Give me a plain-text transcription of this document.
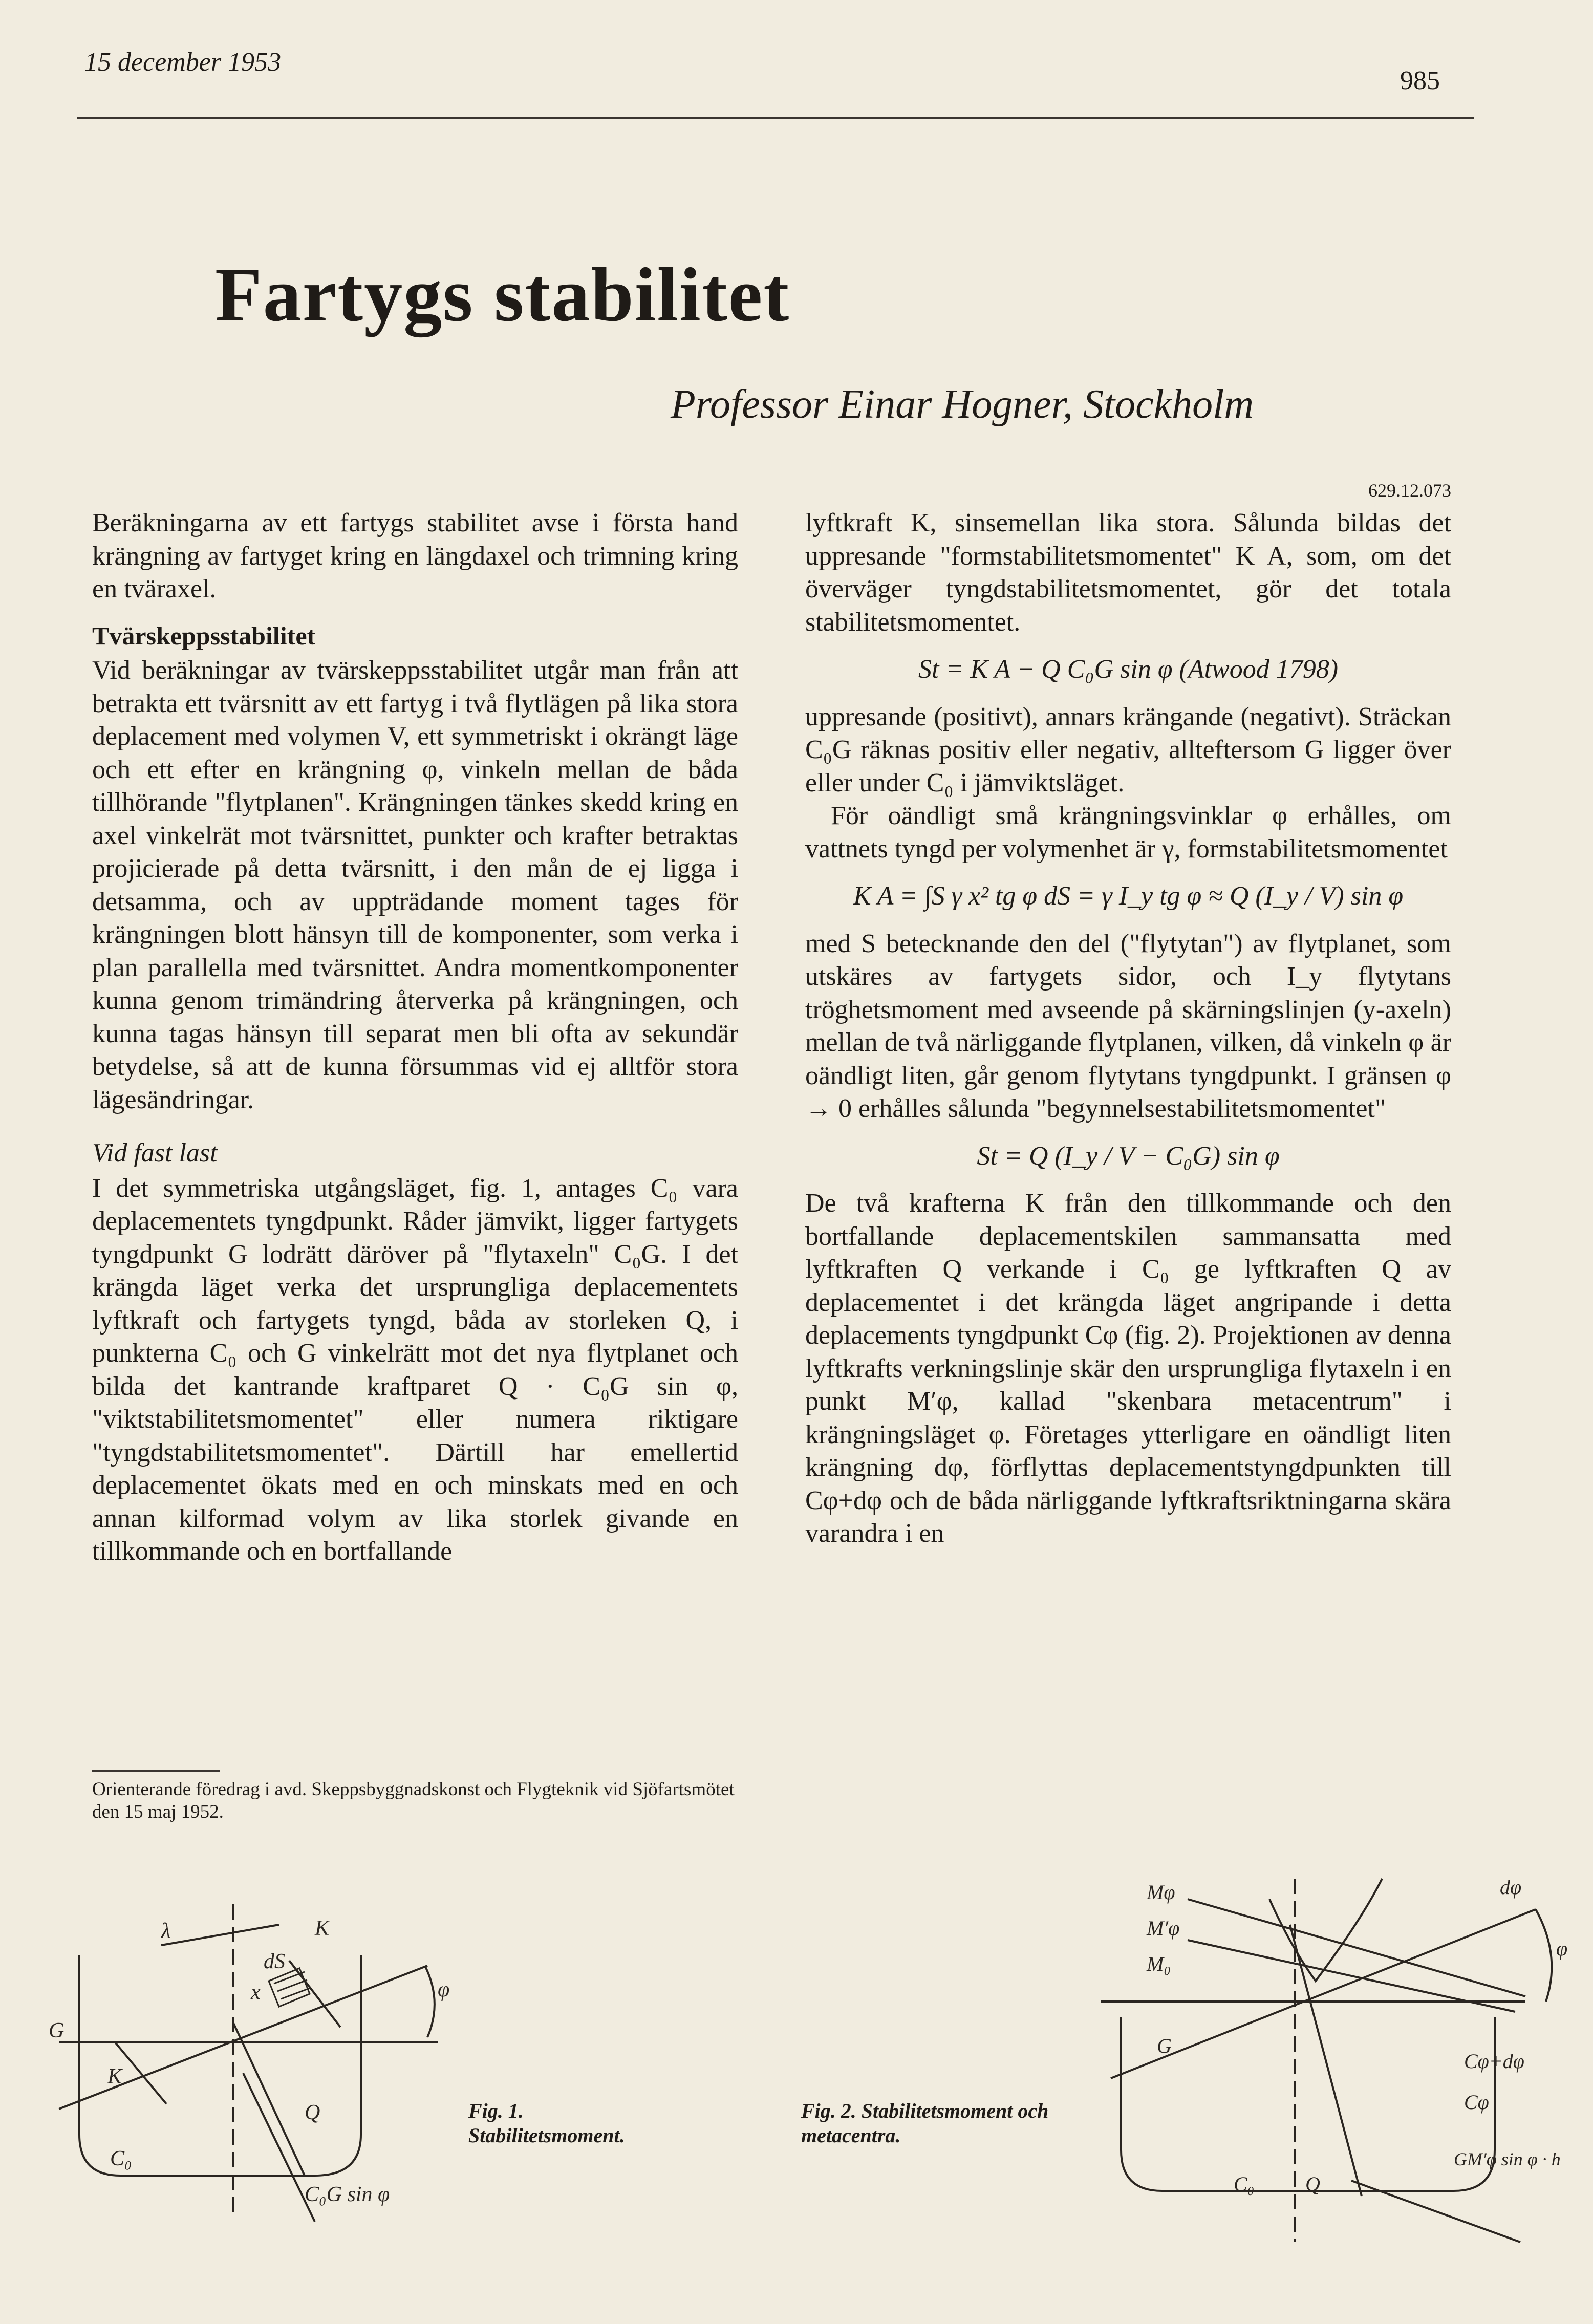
15 december 1953
985
Fartygs stabilitet
Professor Einar Hogner, Stockholm

Beräkningarna av ett fartygs stabilitet avse i första hand krängning av fartyget kring en längdaxel och trimning kring en tväraxel.

Tvärskeppsstabilitet

Vid beräkningar av tvärskeppsstabilitet utgår man från att betrakta ett tvärsnitt av ett fartyg i två flytlägen på lika stora deplacement med volymen V, ett symmetriskt i okrängt läge och ett efter en krängning φ, vinkeln mellan de båda tillhörande "flytplanen". Krängningen tänkes skedd kring en axel vinkelrät mot tvärsnittet, punkter och krafter betraktas projicierade på detta tvärsnitt, i den mån de ej ligga i detsamma, och av uppträdande moment tages för krängningen blott hänsyn till de komponenter, som verka i plan parallella med tvärsnittet. Andra momentkomponenter kunna genom trimändring återverka på krängningen, och kunna tagas hänsyn till separat men bli ofta av sekundär betydelse, så att de kunna försummas vid ej alltför stora lägesändringar.

Vid fast last

I det symmetriska utgångsläget, fig. 1, antages C₀ vara deplacementets tyngdpunkt. Råder jämvikt, ligger fartygets tyngdpunkt G lodrätt däröver på "flytaxeln" C₀G. I det krängda läget verka det ursprungliga deplacementets lyftkraft och fartygets tyngd, båda av storleken Q, i punkterna C₀ och G vinkelrätt mot det nya flytplanet och bilda det kantrande kraftparet Q · C₀G sin φ, "viktstabilitetsmomentet" eller numera riktigare "tyngdstabilitetsmomentet". Därtill har emellertid deplacementet ökats med en och minskats med en och annan kilformad volym av lika storlek givande en tillkommande och en bortfallande

Orienterande föredrag i avd. Skeppsbyggnadskonst och Flygteknik vid Sjöfartsmötet den 15 maj 1952.

629.12.073

lyftkraft K, sinsemellan lika stora. Sålunda bildas det uppresande "formstabilitetsmomentet" K A, som, om det överväger tyngdstabilitetsmomentet, gör det totala stabilitetsmomentet.

St = K A − Q C₀G sin φ (Atwood 1798)

uppresande (positivt), annars krängande (negativt). Sträckan C₀G räknas positiv eller negativ, allteftersom G ligger över eller under C₀ i jämviktsläget.

För oändligt små krängningsvinklar φ erhålles, om vattnets tyngd per volymenhet är γ, formstabilitetsmomentet

K A = ∫S γ x² tg φ dS = γ I_y tg φ ≈ Q (I_y / V) sin φ

med S betecknande den del ("flytytan") av flytplanet, som utskäres av fartygets sidor, och I_y flytytans tröghetsmoment med avseende på skärningslinjen (y-axeln) mellan de två närliggande flytplanen, vilken, då vinkeln φ är oändligt liten, går genom flytytans tyngdpunkt. I gränsen φ → 0 erhålles sålunda "begynnelsestabilitetsmomentet"

St = Q (I_y / V − C₀G) sin φ

De två krafterna K från den tillkommande och den bortfallande deplacementskilen sammansatta med lyftkraften Q verkande i C₀ ge lyftkraften Q av deplacementet i det krängda läget angripande i detta deplacements tyngdpunkt Cφ (fig. 2). Projektionen av denna lyftkrafts verkningslinje skär den ursprungliga flytaxeln i en punkt M′φ, kallad "skenbara metacentrum" i krängningsläget φ. Företages ytterligare en oändligt liten krängning dφ, förflyttas deplacementstyngdpunkten till Cφ+dφ och de båda närliggande lyftkraftsriktningarna skära varandra i en

λ	K
dS
x	φ
G
K
Q
C₀
C₀G sin φ
Fig. 1. Stabilitetsmoment.
Mφ
M′φ
M₀
dφ
φ
G
Cφ+dφ
Cφ
C₀ Q
GM′φ sin φ · h
Fig. 2. Stabilitetsmoment och metacentra.
